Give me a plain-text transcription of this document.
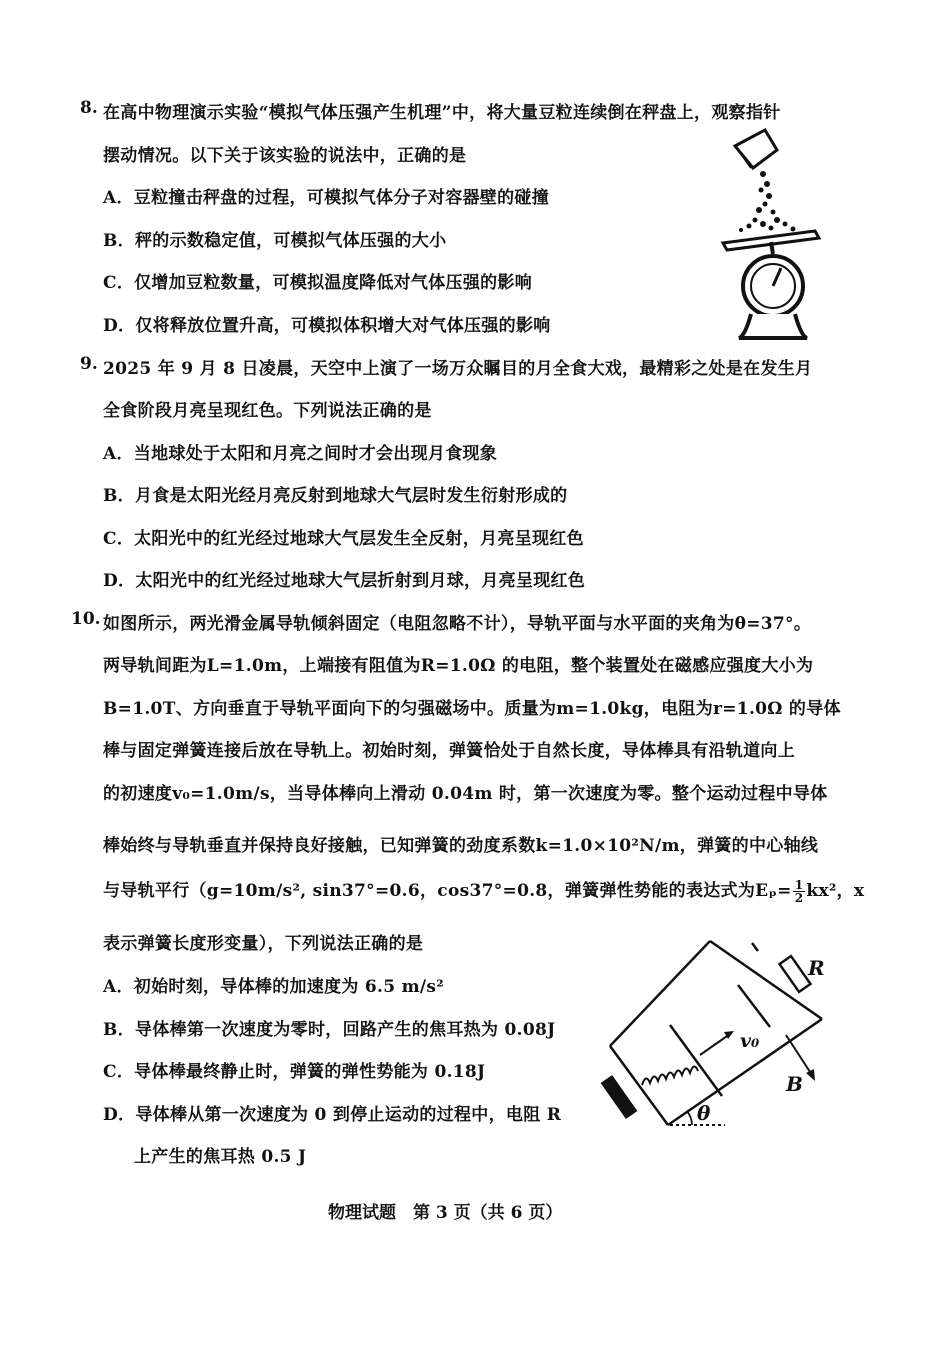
8. 在高中物理演示实验“模拟气体压强产生机理”中，将大量豆粒连续倒在秤盘上，观察指针
摆动情况。以下关于该实验的说法中，正确的是
A．豆粒撞击秤盘的过程，可模拟气体分子对容器壁的碰撞
B．秤的示数稳定值，可模拟气体压强的大小
C．仅增加豆粒数量，可模拟温度降低对气体压强的影响
D．仅将释放位置升高，可模拟体积增大对气体压强的影响
9. 2025 年 9 月 8 日凌晨，天空中上演了一场万众瞩目的月全食大戏，最精彩之处是在发生月
全食阶段月亮呈现红色。下列说法正确的是
A．当地球处于太阳和月亮之间时才会出现月食现象
B．月食是太阳光经月亮反射到地球大气层时发生衍射形成的
C．太阳光中的红光经过地球大气层发生全反射，月亮呈现红色
D．太阳光中的红光经过地球大气层折射到月球，月亮呈现红色
10. 如图所示，两光滑金属导轨倾斜固定（电阻忽略不计），导轨平面与水平面的夹角为θ=37°。
两导轨间距为L=1.0m，上端接有阻值为R=1.0Ω 的电阻，整个装置处在磁感应强度大小为
B=1.0T、方向垂直于导轨平面向下的匀强磁场中。质量为m=1.0kg，电阻为r=1.0Ω 的导体
棒与固定弹簧连接后放在导轨上。初始时刻，弹簧恰处于自然长度，导体棒具有沿轨道向上
的初速度v₀=1.0m/s，当导体棒向上滑动 0.04m 时，第一次速度为零。整个运动过程中导体
棒始终与导轨垂直并保持良好接触，已知弹簧的劲度系数k=1.0×10²N/m，弹簧的中心轴线
与导轨平行（g=10m/s², sin37°=0.6，cos37°=0.8，弹簧弹性势能的表达式为$E_p= \frac{1}{2} kx^2$，x
表示弹簧长度形变量），下列说法正确的是
A．初始时刻，导体棒的加速度为 6.5 m/s²
B．导体棒第一次速度为零时，回路产生的焦耳热为 0.08J
C．导体棒最终静止时，弹簧的弹性势能为 0.18J
D．导体棒从第一次速度为 0 到停止运动的过程中，电阻 R
上产生的焦耳热 0.5 J
θ
R
v₀
B
物理试题　第 3 页（共 6 页）
